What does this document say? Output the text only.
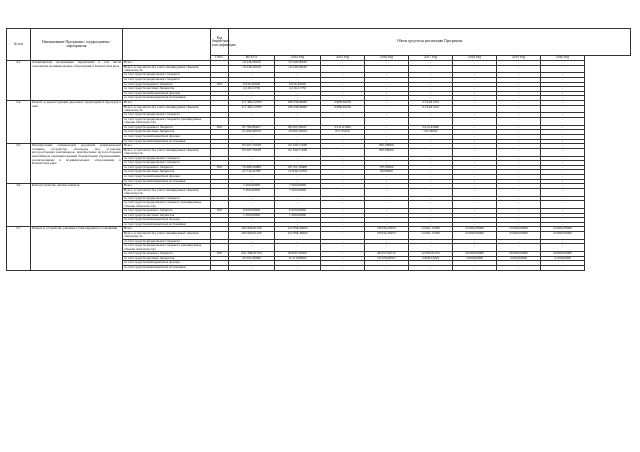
№ п/п	Наименование Программы / подпрограммы / мероприятия		Код бюджетной классификации	Объем средств на реализацию Программы							
			ГРБС	ВСЕГО	2014 год	2015 год	2016 год	2017 год	2018 год	2019 год	2020 год
3.3.	Ландшафтная организация территорий, в том числе озеленение муниципальных образований в Камчатском крае	Всего		10 246,58230	10 246,58230	-	-	-	-	-	-
		Всего, в том числе без учета планируемых объемов обязательств		10 246,58230	10 246,58230	-	-	-	-	-	-
		за счет средств федерального бюджета		-	-	-	-	-	-	-	-
		за счет средств федерального бюджета		-	-	-	-	-	-	-	-
		за счет средств краевого бюджета	810	6 030,36500	6 030,36500	-	-	-	-	-	-
		за счет средств местных бюджетов		4 216,21730	4 216,21730	-	-	-	-	-	-
		за счет средств внебюджетных фондов		-	-	-	-	-	-	-	-
		за счет средств внебюджетных источников		-	-	-	-	-	-	-	-
3.4.	Ремонт и реконструкция дворовых территорий и проездов к ним	Всего		117 482,54783	108 258,86081	4 988,36250	-	4 334,81552	-	-	-
		Всего, в том числе без учета планируемых объемов обязательств		117 482,54783	108 258,86081	4 988,36250	-	4 334,81552	-	-	-
		за счет средств федерального бюджета		-	-	-	-	-	-	-	-
		за счет средств федерального бюджета (планируемые объемы обязательств)		-	-	-	-	-	-	-	-
		за счет средств краевого бюджета	810	95 789,86407	88 265,58447	3 911,01000	-	3 612,42960	-	-	-
		за счет средств местных бюджетов		21 692,68376	19 993,36634	977,35250	-	722,48592	-	-	-
		за счет средств внебюджетных фондов		-	-	-	-	-	-	-	-
		за счет средств внебюджетных источников		-	-	-	-	-	-	-	-
3.5.	Приобретение специальной дорожной коммунальной техники, устройство площадок под установку мусоросборных контейнеров, приобретение мусоросборных контейнеров муниципальными бюджетными учреждениями, реализующими в муниципальных образованиях в Камчатском крае	Всего		93 207,79168	92 340,71168	-	867,08000	-	-	-	-
		Всего, в том числе без учета планируемых объемов обязательств		93 207,79168	92 340,71168	-	867,08000	-	-	-	-
		за счет средств федерального бюджета		-	-	-	-	-	-	-	-
		за счет средств федерального бюджета		-	-	-	-	-	-	-	-
		за счет средств краевого бюджета	810	70 488,56688	69 701,56688	-	787,00000	-	-	-	-
		за счет средств местных бюджетов		22 719,42780	22 639,34700	-	80,08000	-	-	-	-
		за счет средств внебюджетных фондов		-	-	-	-	-	-	-	-
		за счет средств внебюджетных источников		-	-	-	-	-	-	-	-
3.6.	Благоустройство жилых районов	Всего		7 200,00000	7 200,00000	-	-	-	-	-	-
		Всего, в том числе без учета планируемых объемов обязательств		7 200,00000	7 200,00000	-	-	-	-	-	-
		за счет средств федерального бюджета		-	-	-	-	-	-	-	-
		за счет средств федерального бюджета (планируемые объемы обязательств)		-	-	-	-	-	-	-	-
		за счет средств краевого бюджета	810	6 000,00000	6 000,00000	-	-	-	-	-	-
		за счет средств местных бюджетов		1 200,00000	1 200,00000	-	-	-	-	-	-
		за счет средств внебюджетных фондов		-	-	-	-	-	-	-	-
		за счет средств внебюджетных источников		-	-	-	-	-	-	-	-
3.7.	Ремонт и устройство уличных сетей наружного освещения	Всего		264 990,91100	110 858,48262	-	58 934,29072	14 991,13766	23 600,00000	23 600,00000	24 900,00000
		Всего, в том числе без учета планируемых объемов обязательств		264 990,91100	110 858,48262	-	58 934,29072	14 991,13766	23 600,00000	23 600,00000	24 900,00000
		за счет средств федерального бюджета		-	-	-	-	-	-	-	-
		за счет средств федерального бюджета (планируемые объемы обязательств)		-	-	-	-	-	-	-	-
		за счет средств краевого бюджета	810	221 398,91704	99 847,59200	-	48 457,60712	12 093,61472	20 000,00000	20 000,00000	20 800,00000
		за счет средств местных бюджетов		43 591,99396	11 010,89062	-	10 476,68357	2 898,52294	3 600,00000	3 600,00000	4 100,00000
		за счет средств внебюджетных фондов		-	-	-	-	-	-	-	-
		за счет средств внебюджетных источников		-	-	-	-	-	-	-	-
